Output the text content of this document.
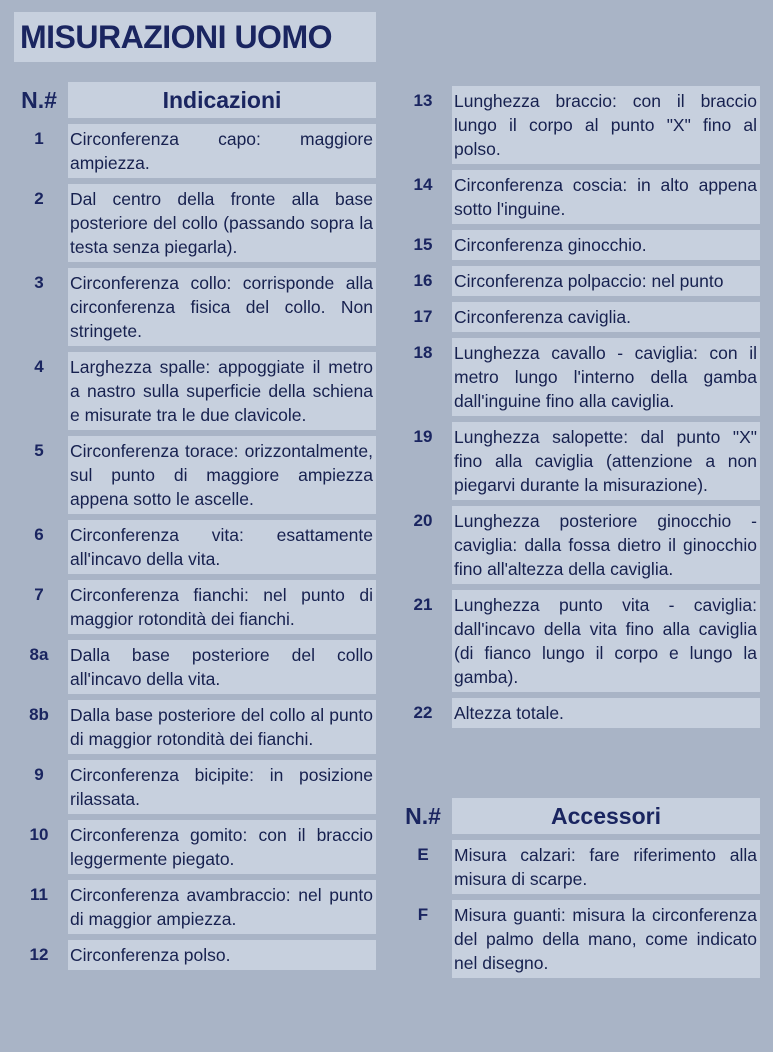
MISURAZIONI UOMO
N.#	Indicazioni
1	Circonferenza capo: maggiore ampiezza.
2	Dal centro della fronte alla base posteriore del collo (passando sopra la testa senza piegarla).
3	Circonferenza collo: corrisponde alla circonferenza fisica del collo. Non stringete.
4	Larghezza spalle: appoggiate il metro a nastro sulla superficie della schiena e misurate tra le due clavicole.
5	Circonferenza torace: orizzontalmente, sul punto di maggiore ampiezza appena sotto le ascelle.
6	Circonferenza vita: esattamente all'incavo della vita.
7	Circonferenza fianchi: nel punto di maggior rotondità dei fianchi.
8a	Dalla base posteriore del collo all'incavo della vita.
8b	Dalla base posteriore del collo al punto di maggior rotondità dei fianchi.
9	Circonferenza bicipite: in posizione rilassata.
10	Circonferenza gomito: con il braccio leggermente piegato.
11	Circonferenza avambraccio: nel punto di maggior ampiezza.
12	Circonferenza polso.
13	Lunghezza braccio: con il braccio lungo il corpo al punto "X" fino al polso.
14	Circonferenza coscia: in alto appena sotto l'inguine.
15	Circonferenza ginocchio.
16	Circonferenza polpaccio: nel punto
17	Circonferenza caviglia.
18	Lunghezza cavallo - caviglia: con il metro lungo l'interno della gamba dall'inguine fino alla caviglia.
19	Lunghezza salopette: dal punto "X" fino alla caviglia (attenzione a non piegarvi durante la misurazione).
20	Lunghezza posteriore ginocchio - caviglia: dalla fossa dietro il ginocchio fino all'altezza della caviglia.
21	Lunghezza punto vita - caviglia: dall'incavo della vita fino alla caviglia (di fianco lungo il corpo e lungo la gamba).
22	Altezza totale.
N.#	Accessori
E	Misura calzari: fare riferimento alla misura di scarpe.
F	Misura guanti: misura la circonferenza del palmo della mano, come indicato nel disegno.
